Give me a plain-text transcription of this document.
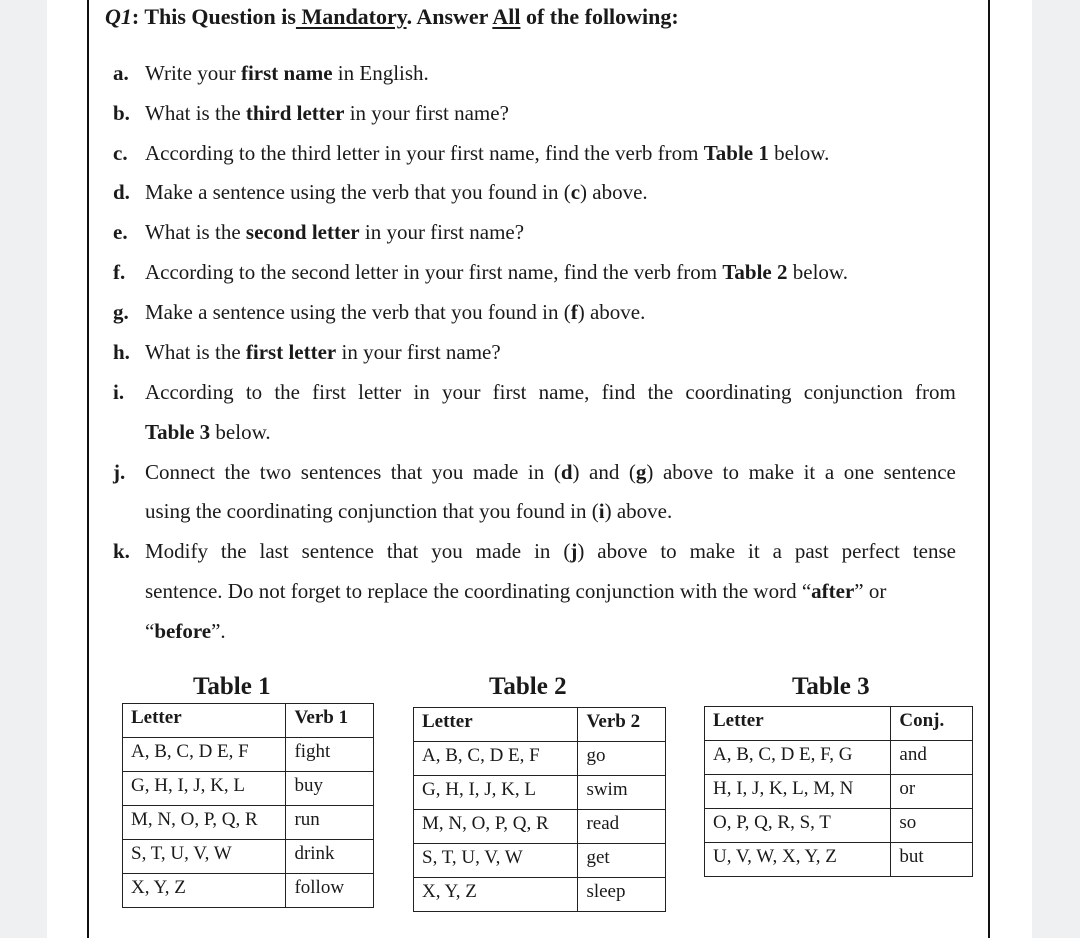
Q1: This Question is Mandatory. Answer All of the following:
a. Write your first name in English.
b. What is the third letter in your first name?
c. According to the third letter in your first name, find the verb from Table 1 below.
d. Make a sentence using the verb that you found in (c) above.
e. What is the second letter in your first name?
f. According to the second letter in your first name, find the verb from Table 2 below.
g. Make a sentence using the verb that you found in (f) above.
h. What is the first letter in your first name?
i. According to the first letter in your first name, find the coordinating conjunction from
Table 3 below.
j. Connect the two sentences that you made in (d) and (g) above to make it a one sentence
using the coordinating conjunction that you found in (i) above.
k. Modify the last sentence that you made in (j) above to make it a past perfect tense
sentence. Do not forget to replace the coordinating conjunction with the word “after” or
“before”.
Table 1	Table 2	Table 3
Letter	Verb 1
A, B, C, D E, F	fight
G, H, I, J, K, L	buy
M, N, O, P, Q, R	run
S, T, U, V, W	drink
X, Y, Z	follow
Letter	Verb 2
A, B, C, D E, F	go
G, H, I, J, K, L	swim
M, N, O, P, Q, R	read
S, T, U, V, W	get
X, Y, Z	sleep
Letter	Conj.
A, B, C, D E, F, G	and
H, I, J, K, L, M, N	or
O, P, Q, R, S, T	so
U, V, W, X, Y, Z	but
